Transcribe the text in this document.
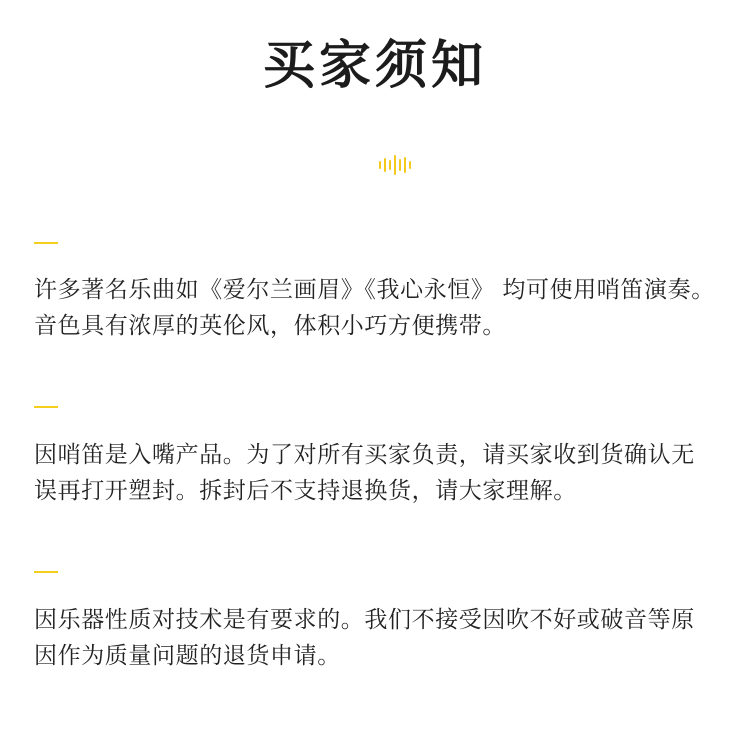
买家须知

许多著名乐曲如《爱尔兰画眉》《我心永恒》 均可使用哨笛演奏。音色具有浓厚的英伦风，体积小巧方便携带。

因哨笛是入嘴产品。为了对所有买家负责，请买家收到货确认无误再打开塑封。拆封后不支持退换货，请大家理解。

因乐器性质对技术是有要求的。我们不接受因吹不好或破音等原因作为质量问题的退货申请。
